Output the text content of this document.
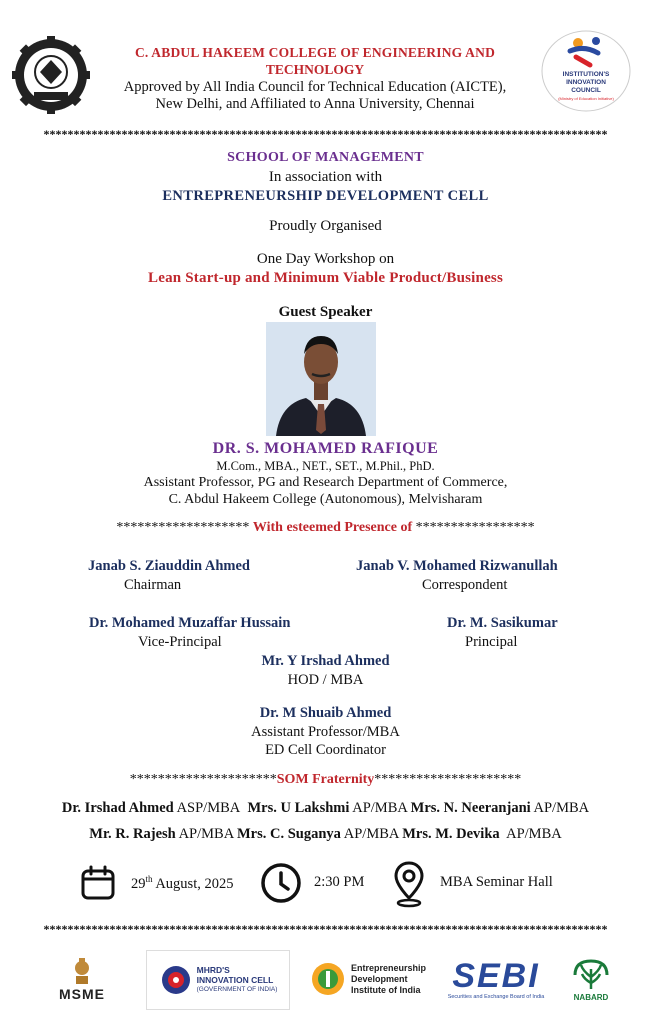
C. ABDUL HAKEEM COLLEGE OF ENGINEERING AND
TECHNOLOGY
Approved by All India Council for Technical Education (AICTE),
New Delhi, and Affiliated to Anna University, Chennai
INSTITUTION'S
INNOVATION
COUNCIL
(Ministry of Education Initiative)
**********************************************************************************************
SCHOOL OF MANAGEMENT
In association with
ENTREPRENEURSHIP DEVELOPMENT CELL
Proudly Organised
One Day Workshop on
Lean Start-up and Minimum Viable Product/Business
Guest Speaker
DR. S. MOHAMED RAFIQUE
M.Com., MBA., NET., SET., M.Phil., PhD.
Assistant Professor, PG and Research Department of Commerce,
C. Abdul Hakeem College (Autonomous), Melvisharam
******************* With esteemed Presence of *****************
Janab S. Ziauddin Ahmed
Chairman
Janab V. Mohamed Rizwanullah
Correspondent
Dr. Mohamed Muzaffar Hussain
Vice-Principal
Dr. M. Sasikumar
Principal
Mr. Y Irshad Ahmed
HOD / MBA
Dr. M Shuaib Ahmed
Assistant Professor/MBA
ED Cell Coordinator
*********************SOM Fraternity*********************
Dr. Irshad Ahmed ASP/MBA Mrs. U Lakshmi AP/MBA Mrs. N. Neeranjani AP/MBA
Mr. R. Rajesh AP/MBA Mrs. C. Suganya AP/MBA Mrs. M. Devika AP/MBA
29th August, 2025	2:30 PM	MBA Seminar Hall
**********************************************************************************************
MSME
MHRD'S
INNOVATION CELL
(GOVERNMENT OF INDIA)
Entrepreneurship
Development
Institute of India SEBI
Securities and Exchange Board of India	NABARD
